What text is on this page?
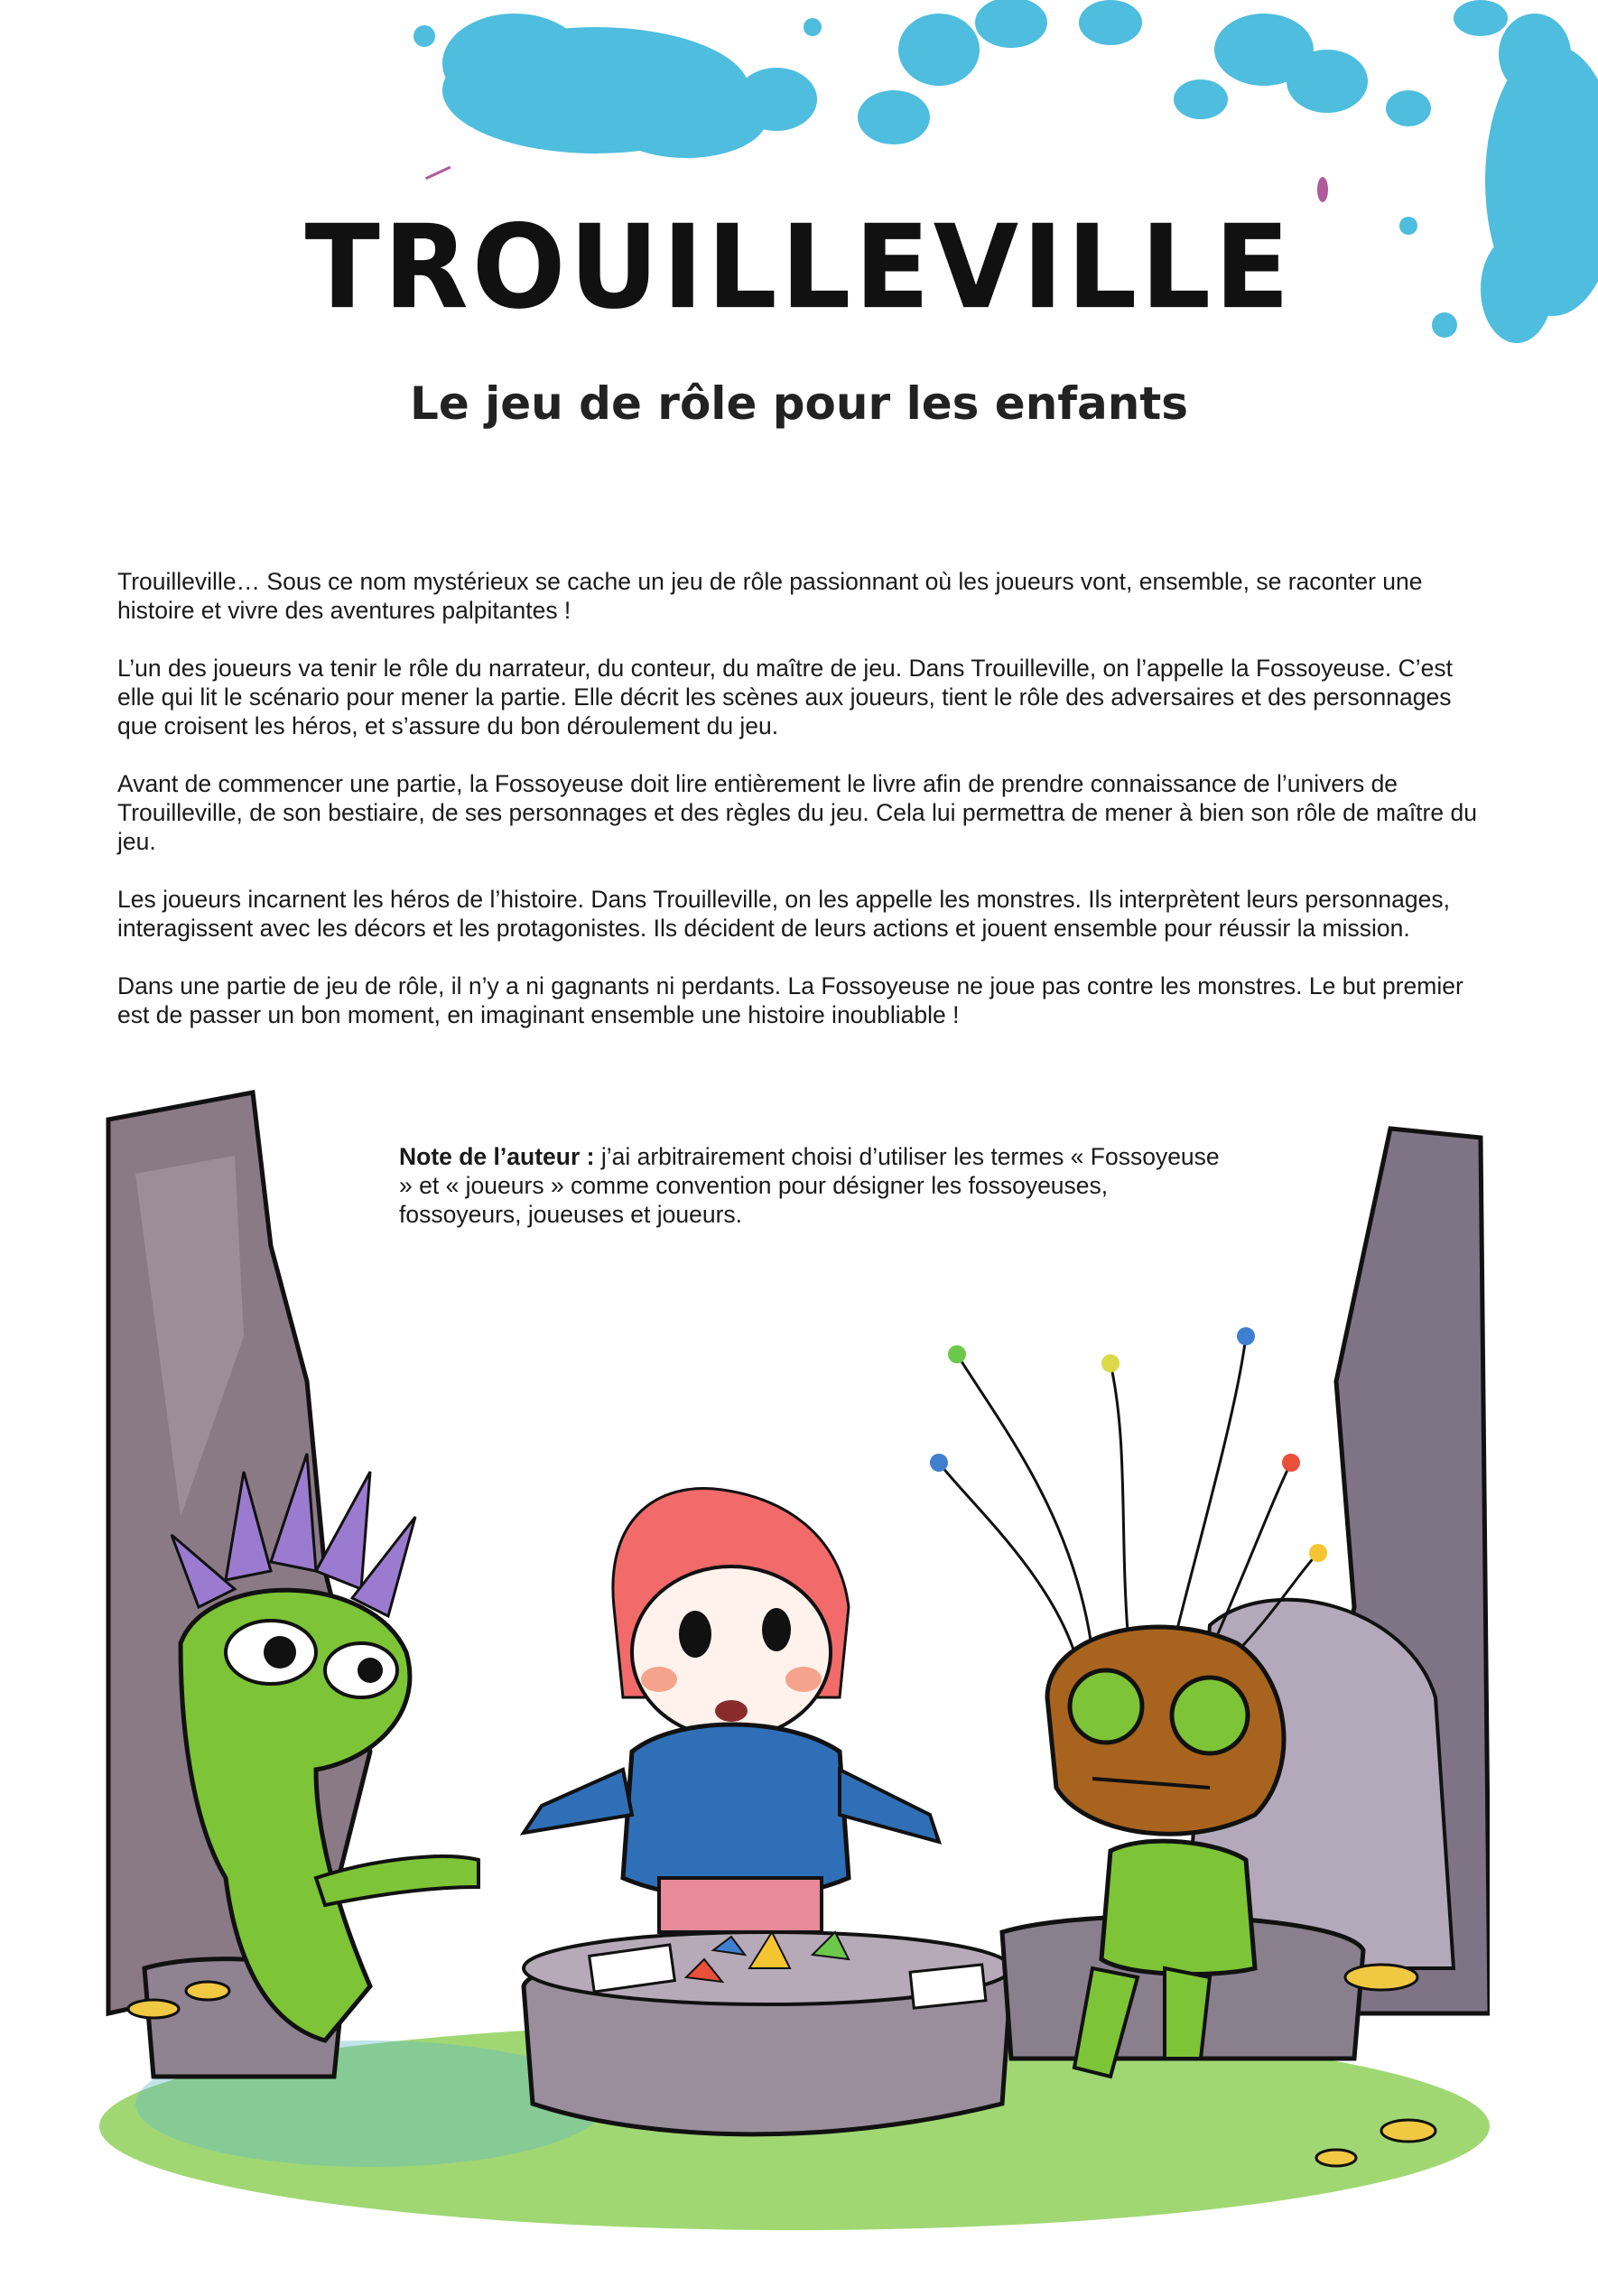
TROUILLEVILLE
Le jeu de rôle pour les enfants

Trouilleville… Sous ce nom mystérieux se cache un jeu de rôle passionnant où les joueurs vont, ensemble, se raconter une histoire et vivre des aventures palpitantes !

L’un des joueurs va tenir le rôle du narrateur, du conteur, du maître de jeu. Dans Trouilleville, on l’appelle la Fossoyeuse. C’est elle qui lit le scénario pour mener la partie. Elle décrit les scènes aux joueurs, tient le rôle des adversaires et des personnages que croisent les héros, et s’assure du bon déroulement du jeu.

Avant de commencer une partie, la Fossoyeuse doit lire entièrement le livre afin de prendre connaissance de l’univers de Trouilleville, de son bestiaire, de ses personnages et des règles du jeu. Cela lui permettra de mener à bien son rôle de maître du jeu.

Les joueurs incarnent les héros de l’histoire. Dans Trouilleville, on les appelle les monstres. Ils interprètent leurs personnages, interagissent avec les décors et les protagonistes. Ils décident de leurs actions et jouent ensemble pour réussir la mission.

Dans une partie de jeu de rôle, il n’y a ni gagnants ni perdants. La Fossoyeuse ne joue pas contre les monstres. Le but premier est de passer un bon moment, en imaginant ensemble une histoire inoubliable !

Note de l’auteur : j’ai arbitrairement choisi d’utiliser les termes « Fossoyeuse » et « joueurs » comme convention pour désigner les fossoyeuses, fossoyeurs, joueuses et joueurs.
